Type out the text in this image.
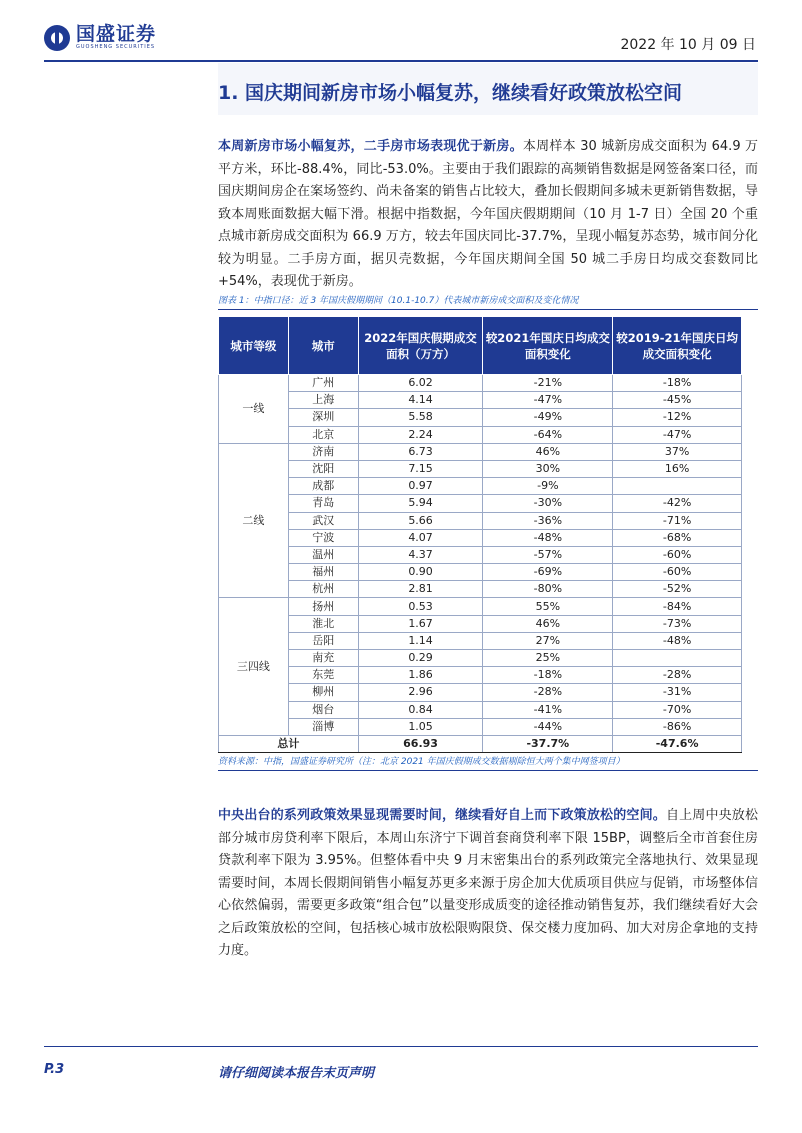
国盛证券
GUOSHENG SECURITIES	2022 年 10 月 09 日
1. 国庆期间新房市场小幅复苏，继续看好政策放松空间
本周新房市场小幅复苏，二手房市场表现优于新房。本周样本 30 城新房成交面积为 64.9 万平方米，环比-88.4%，同比-53.0%。主要由于我们跟踪的高频销售数据是网签备案口径，而国庆期间房企在案场签约、尚未备案的销售占比较大，叠加长假期间多城未更新销售数据，导致本周账面数据大幅下滑。根据中指数据，今年国庆假期期间（10 月 1-7 日）全国 20 个重点城市新房成交面积为 66.9 万方，较去年国庆同比-37.7%，呈现小幅复苏态势，城市间分化较为明显。二手房方面，据贝壳数据，今年国庆期间全国 50 城二手房日均成交套数同比+54%，表现优于新房。
图表 1：中指口径：近 3 年国庆假期期间（10.1-10.7）代表城市新房成交面积及变化情况
城市等级	城市	2022年国庆假期成交面积（万方）	较2021年国庆日均成交面积变化	较2019-21年国庆日均成交面积变化
一线	广州	6.02	-21%	-18%
	上海	4.14	-47%	-45%
	深圳	5.58	-49%	-12%
	北京	2.24	-64%	-47%
二线	济南	6.73	46%	37%
	沈阳	7.15	30%	16%
	成都	0.97	-9%	
	青岛	5.94	-30%	-42%
	武汉	5.66	-36%	-71%
	宁波	4.07	-48%	-68%
	温州	4.37	-57%	-60%
	福州	0.90	-69%	-60%
	杭州	2.81	-80%	-52%
三四线	扬州	0.53	55%	-84%
	淮北	1.67	46%	-73%
	岳阳	1.14	27%	-48%
	南充	0.29	25%	
	东莞	1.86	-18%	-28%
	柳州	2.96	-28%	-31%
	烟台	0.84	-41%	-70%
	淄博	1.05	-44%	-86%
总计		66.93	-37.7%	-47.6%
资料来源：中指，国盛证券研究所（注：北京 2021 年国庆假期成交数据剔除恒大两个集中网签项目）
中央出台的系列政策效果显现需要时间，继续看好自上而下政策放松的空间。自上周中央放松部分城市房贷利率下限后，本周山东济宁下调首套商贷利率下限 15BP，调整后全市首套住房贷款利率下限为 3.95%。但整体看中央 9 月末密集出台的系列政策完全落地执行、效果显现需要时间，本周长假期间销售小幅复苏更多来源于房企加大优质项目供应与促销，市场整体信心依然偏弱，需要更多政策“组合包”以量变形成质变的途径推动销售复苏，我们继续看好大会之后政策放松的空间，包括核心城市放松限购限贷、保交楼力度加码、加大对房企拿地的支持力度。
P.3	请仔细阅读本报告末页声明
